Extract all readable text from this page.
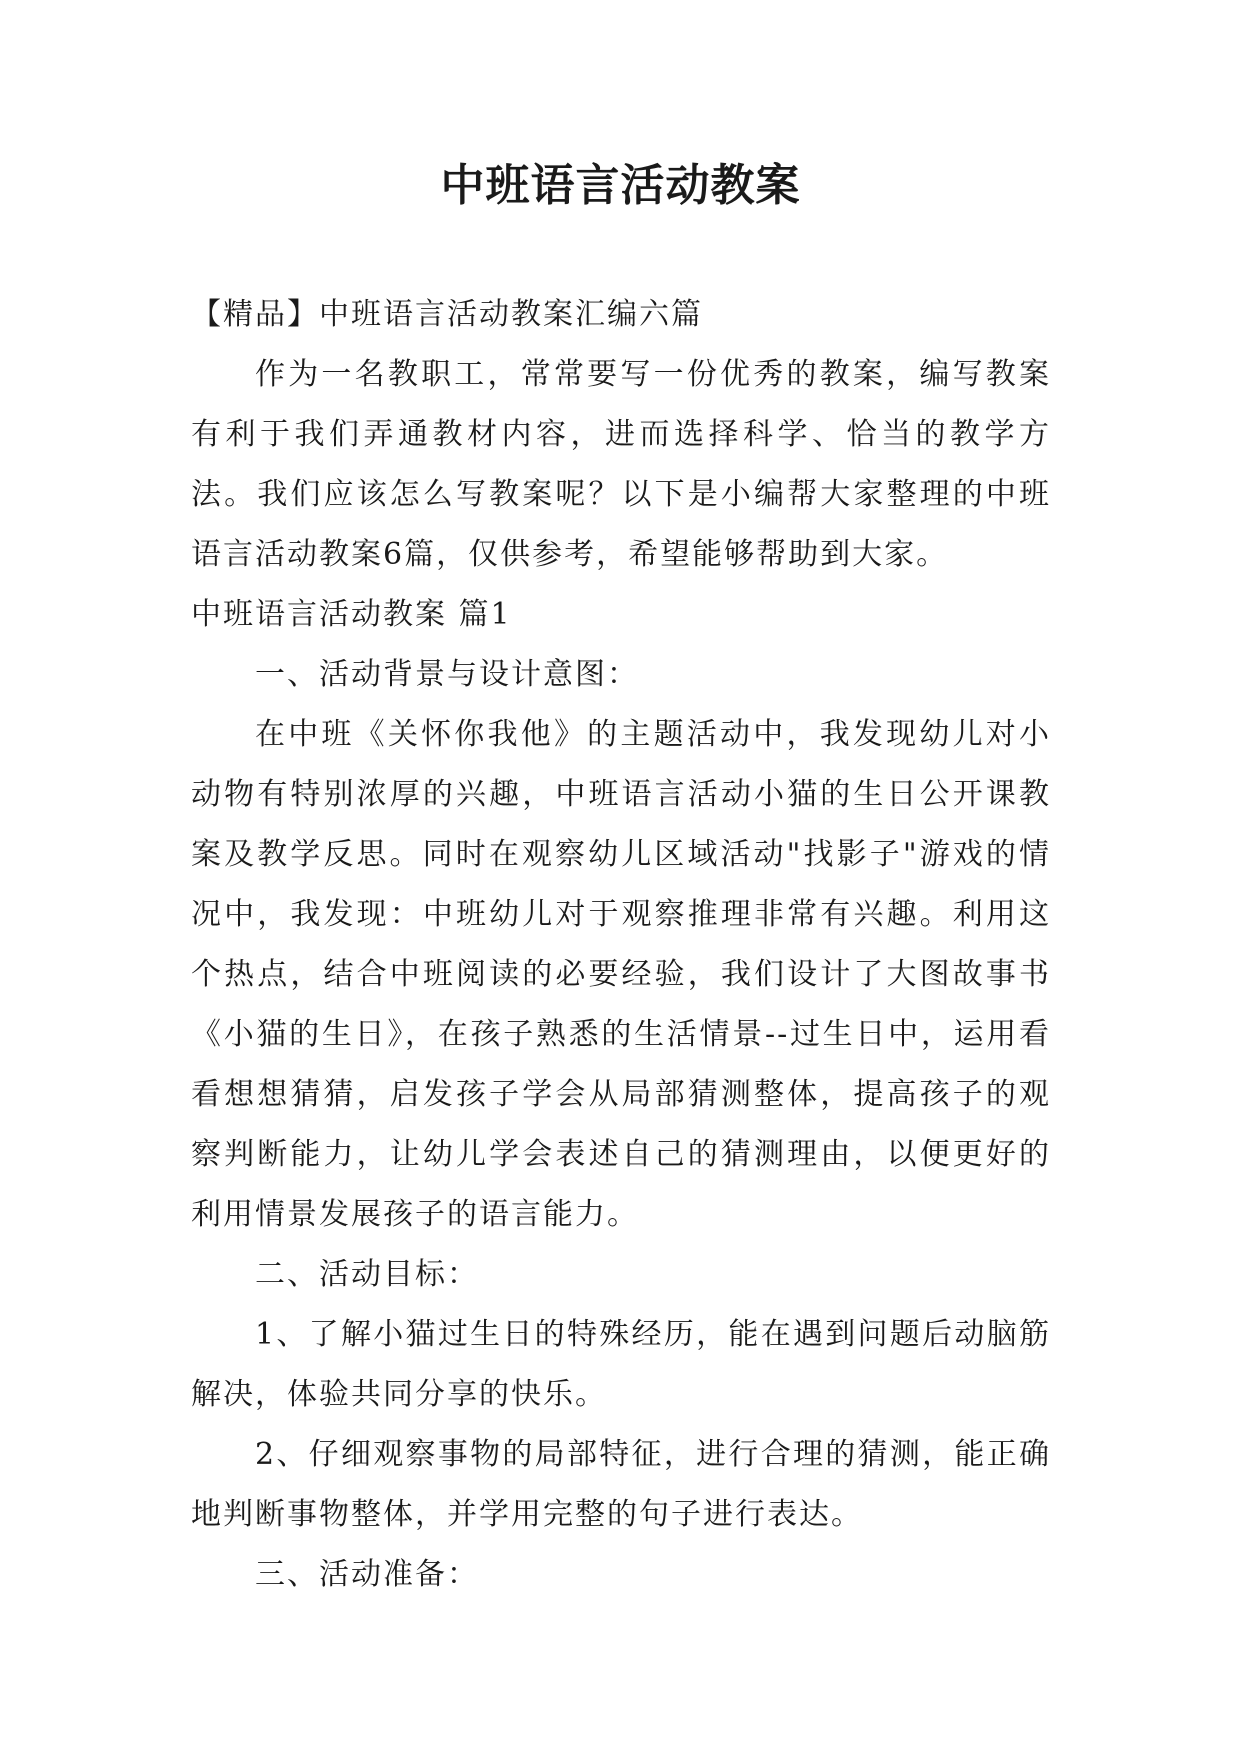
中班语言活动教案

【精品】中班语言活动教案汇编六篇

作为一名教职工，常常要写一份优秀的教案，编写教案有利于我们弄通教材内容，进而选择科学、恰当的教学方法。我们应该怎么写教案呢？以下是小编帮大家整理的中班语言活动教案6篇，仅供参考，希望能够帮助到大家。

中班语言活动教案 篇1

一、活动背景与设计意图：

在中班《关怀你我他》的主题活动中，我发现幼儿对小动物有特别浓厚的兴趣，中班语言活动小猫的生日公开课教案及教学反思。同时在观察幼儿区域活动"找影子"游戏的情况中，我发现：中班幼儿对于观察推理非常有兴趣。利用这个热点，结合中班阅读的必要经验，我们设计了大图故事书《小猫的生日》，在孩子熟悉的生活情景--过生日中，运用看看想想猜猜，启发孩子学会从局部猜测整体，提高孩子的观察判断能力，让幼儿学会表述自己的猜测理由，以便更好的利用情景发展孩子的语言能力。

二、活动目标：

1、了解小猫过生日的特殊经历，能在遇到问题后动脑筋解决，体验共同分享的快乐。

2、仔细观察事物的局部特征，进行合理的猜测，能正确地判断事物整体，并学用完整的句子进行表达。

三、活动准备：
